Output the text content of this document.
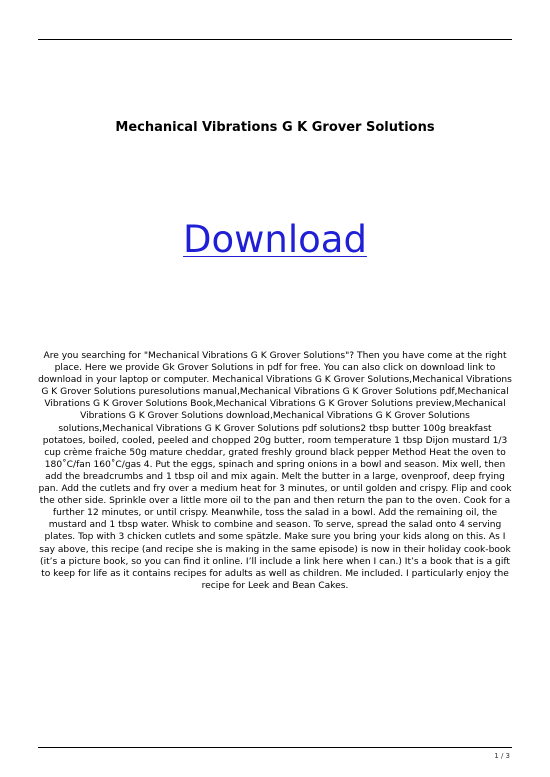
Mechanical Vibrations G K Grover Solutions
Download
Are you searching for "Mechanical Vibrations G K Grover Solutions"? Then you have come at the right place. Here we provide Gk Grover Solutions in pdf for free. You can also click on download link to download in your laptop or computer. Mechanical Vibrations G K Grover Solutions,Mechanical Vibrations G K Grover Solutions puresolutions manual,Mechanical Vibrations G K Grover Solutions pdf,Mechanical Vibrations G K Grover Solutions Book,Mechanical Vibrations G K Grover Solutions preview,Mechanical Vibrations G K Grover Solutions download,Mechanical Vibrations G K Grover Solutions solutions,Mechanical Vibrations G K Grover Solutions pdf solutions2 tbsp butter 100g breakfast potatoes, boiled, cooled, peeled and chopped 20g butter, room temperature 1 tbsp Dijon mustard 1/3 cup crème fraiche 50g mature cheddar, grated freshly ground black pepper Method Heat the oven to 180˚C/fan 160˚C/gas 4. Put the eggs, spinach and spring onions in a bowl and season. Mix well, then add the breadcrumbs and 1 tbsp oil and mix again. Melt the butter in a large, ovenproof, deep frying pan. Add the cutlets and fry over a medium heat for 3 minutes, or until golden and crispy. Flip and cook the other side. Sprinkle over a little more oil to the pan and then return the pan to the oven. Cook for a further 12 minutes, or until crispy. Meanwhile, toss the salad in a bowl. Add the remaining oil, the mustard and 1 tbsp water. Whisk to combine and season. To serve, spread the salad onto 4 serving plates. Top with 3 chicken cutlets and some spätzle. Make sure you bring your kids along on this. As I say above, this recipe (and recipe she is making in the same episode) is now in their holiday cook-book (it’s a picture book, so you can find it online. I’ll include a link here when I can.) It’s a book that is a gift to keep for life as it contains recipes for adults as well as children. Me included. I particularly enjoy the recipe for Leek and Bean Cakes.
1 / 3
